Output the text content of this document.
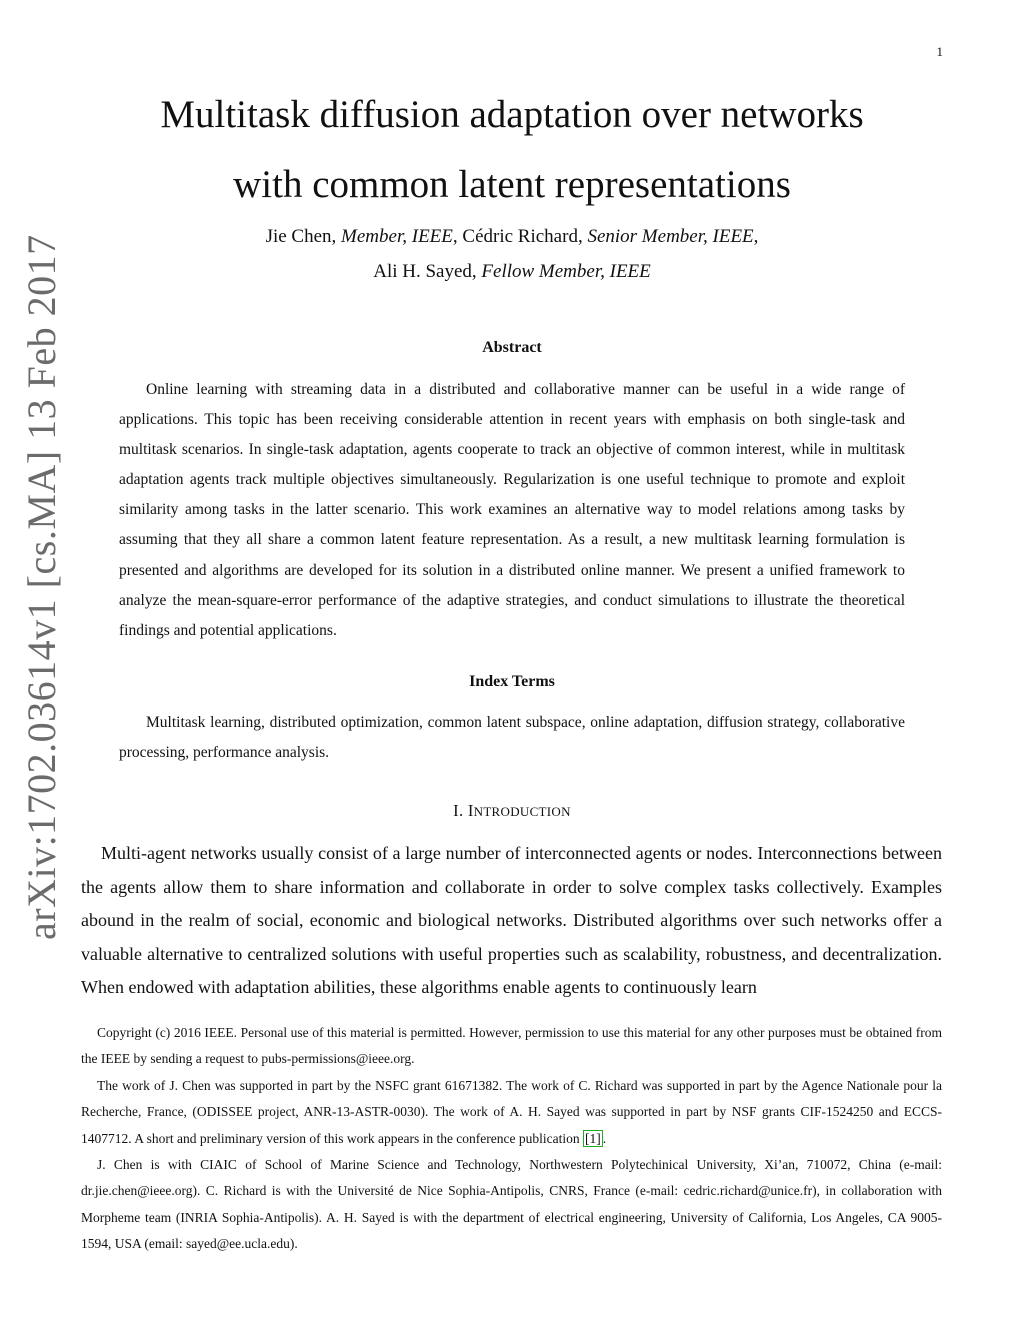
1
arXiv:1702.03614v1 [cs.MA] 13 Feb 2017
Multitask diffusion adaptation over networks
with common latent representations
Jie Chen, Member, IEEE, Cédric Richard, Senior Member, IEEE,
Ali H. Sayed, Fellow Member, IEEE
Abstract

Online learning with streaming data in a distributed and collaborative manner can be useful in a wide range of applications. This topic has been receiving considerable attention in recent years with emphasis on both single-task and multitask scenarios. In single-task adaptation, agents cooperate to track an objective of common interest, while in multitask adaptation agents track multiple objectives simultaneously. Regularization is one useful technique to promote and exploit similarity among tasks in the latter scenario. This work examines an alternative way to model relations among tasks by assuming that they all share a common latent feature representation. As a result, a new multitask learning formulation is presented and algorithms are developed for its solution in a distributed online manner. We present a unified framework to analyze the mean-square-error performance of the adaptive strategies, and conduct simulations to illustrate the theoretical findings and potential applications.

Index Terms

Multitask learning, distributed optimization, common latent subspace, online adaptation, diffusion strategy, collaborative processing, performance analysis.

I. INTRODUCTION

Multi-agent networks usually consist of a large number of interconnected agents or nodes. Interconnections between the agents allow them to share information and collaborate in order to solve complex tasks collectively. Examples abound in the realm of social, economic and biological networks. Distributed algorithms over such networks offer a valuable alternative to centralized solutions with useful properties such as scalability, robustness, and decentralization. When endowed with adaptation abilities, these algorithms enable agents to continuously learn

Copyright (c) 2016 IEEE. Personal use of this material is permitted. However, permission to use this material for any other purposes must be obtained from the IEEE by sending a request to pubs-permissions@ieee.org.

The work of J. Chen was supported in part by the NSFC grant 61671382. The work of C. Richard was supported in part by the Agence Nationale pour la Recherche, France, (ODISSEE project, ANR-13-ASTR-0030). The work of A. H. Sayed was supported in part by NSF grants CIF-1524250 and ECCS-1407712. A short and preliminary version of this work appears in the conference publication [1] .

J. Chen is with CIAIC of School of Marine Science and Technology, Northwestern Polytechinical University, Xi’an, 710072, China (e-mail: dr.jie.chen@ieee.org). C. Richard is with the Université de Nice Sophia-Antipolis, CNRS, France (e-mail: cedric.richard@unice.fr), in collaboration with Morpheme team (INRIA Sophia-Antipolis). A. H. Sayed is with the department of electrical engineering, University of California, Los Angeles, CA 9005-1594, USA (email: sayed@ee.ucla.edu).
